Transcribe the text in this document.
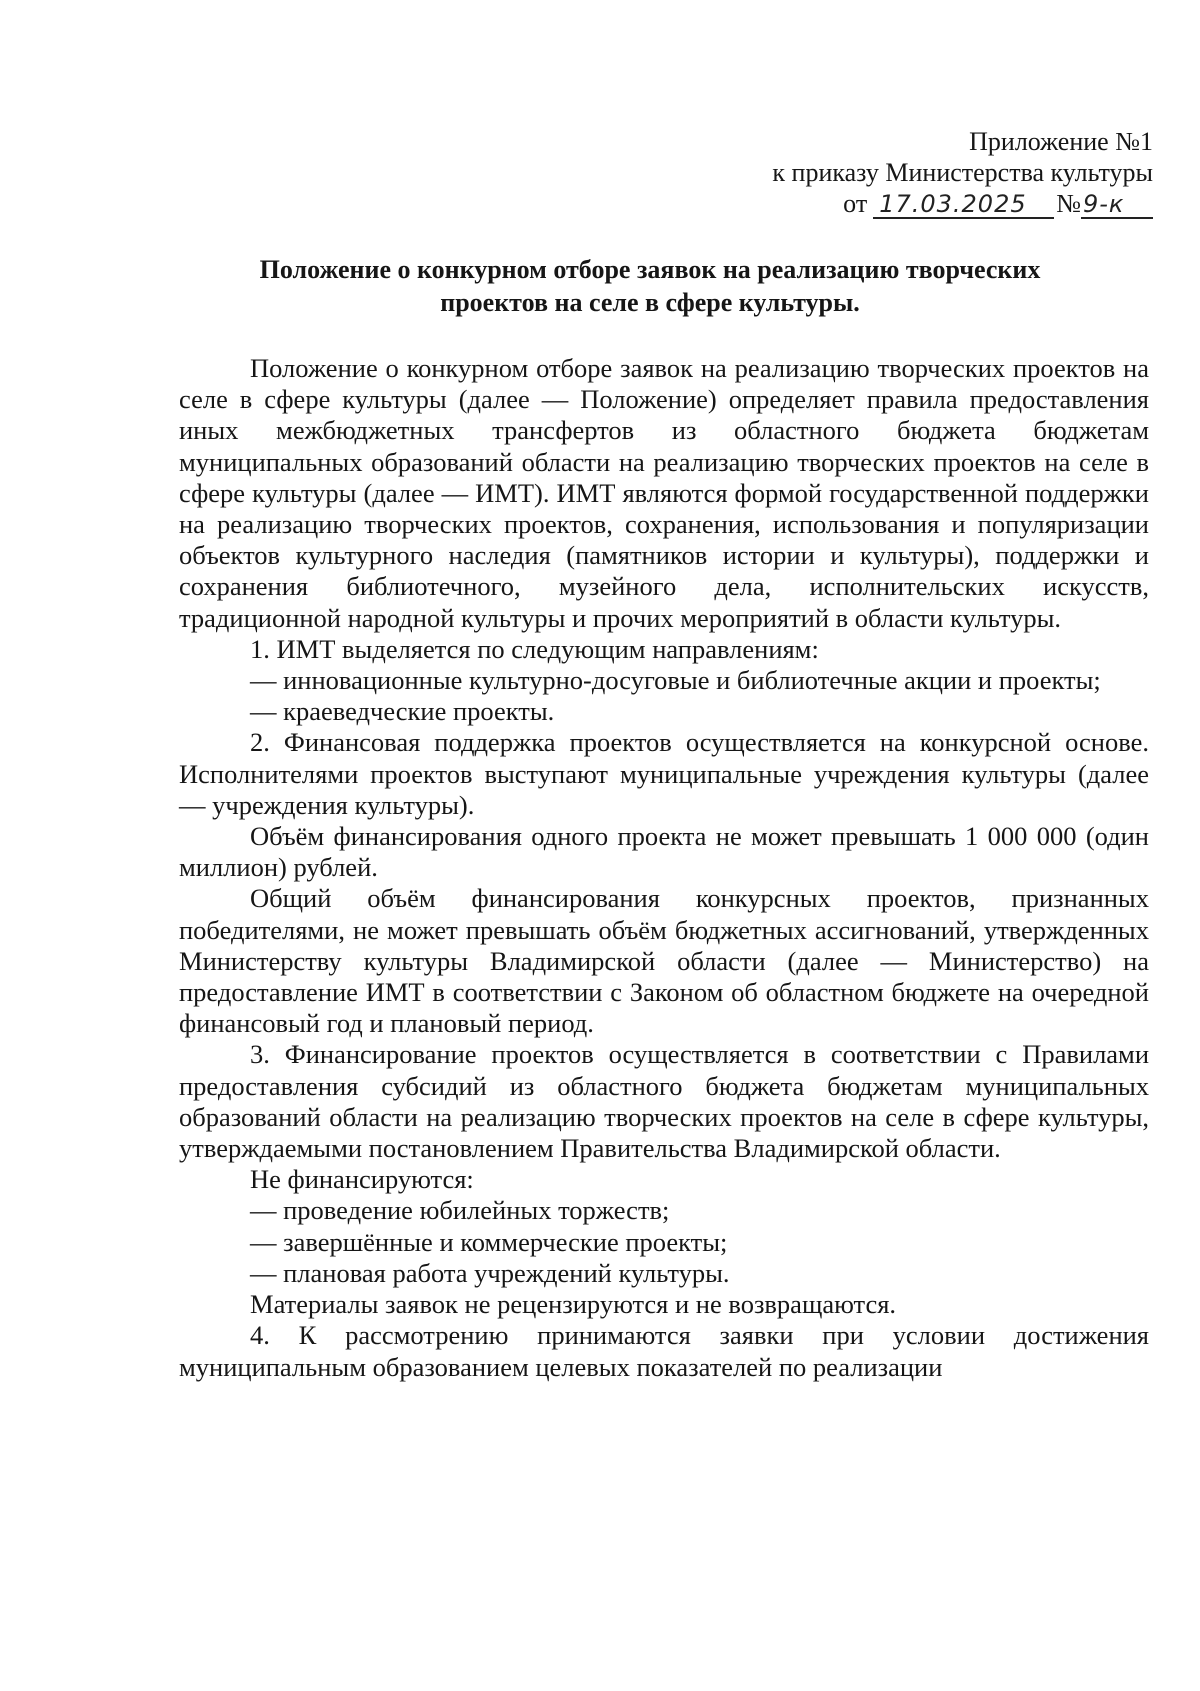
Приложение №1
к приказу Министерства культуры
от 17.03.2025 №9-к
Положение о конкурном отборе заявок на реализацию творческих
проектов на селе в сфере культуры.

Положение о конкурном отборе заявок на реализацию творческих проектов на селе в сфере культуры (далее — Положение) определяет правила предоставления иных межбюджетных трансфертов из областного бюджета бюджетам муниципальных образований области на реализацию творческих проектов на селе в сфере культуры (далее — ИМТ). ИМТ являются формой государственной поддержки на реализацию творческих проектов, сохранения, использования и популяризации объектов культурного наследия (памятников истории и культуры), поддержки и сохранения библиотечного, музейного дела, исполнительских искусств, традиционной народной культуры и прочих мероприятий в области культуры.

1. ИМТ выделяется по следующим направлениям:

— инновационные культурно-досуговые и библиотечные акции и проекты;

— краеведческие проекты.

2. Финансовая поддержка проектов осуществляется на конкурсной основе. Исполнителями проектов выступают муниципальные учреждения культуры (далее — учреждения культуры).

Объём финансирования одного проекта не может превышать 1 000 000 (один миллион) рублей.

Общий объём финансирования конкурсных проектов, признанных победителями, не может превышать объём бюджетных ассигнований, утвержденных Министерству культуры Владимирской области (далее — Министерство) на предоставление ИМТ в соответствии с Законом об областном бюджете на очередной финансовый год и плановый период.

3. Финансирование проектов осуществляется в соответствии с Правилами предоставления субсидий из областного бюджета бюджетам муниципальных образований области на реализацию творческих проектов на селе в сфере культуры, утверждаемыми постановлением Правительства Владимирской области.

Не финансируются:

— проведение юбилейных торжеств;

— завершённые и коммерческие проекты;

— плановая работа учреждений культуры.

Материалы заявок не рецензируются и не возвращаются.

4. К рассмотрению принимаются заявки при условии достижения муниципальным образованием целевых показателей по реализации
